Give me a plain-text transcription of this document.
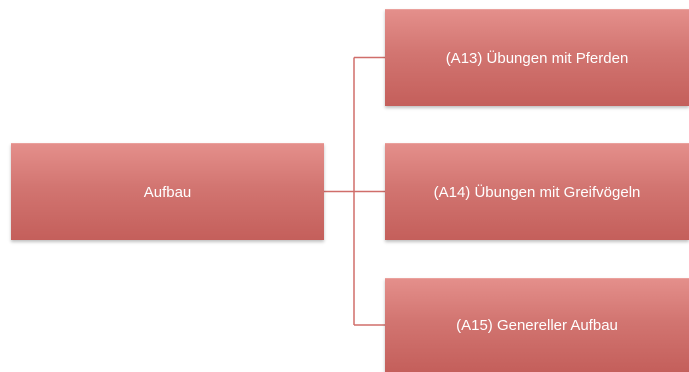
Aufbau
(A13) Übungen mit Pferden
(A14) Übungen mit Greifvögeln
(A15) Genereller Aufbau
